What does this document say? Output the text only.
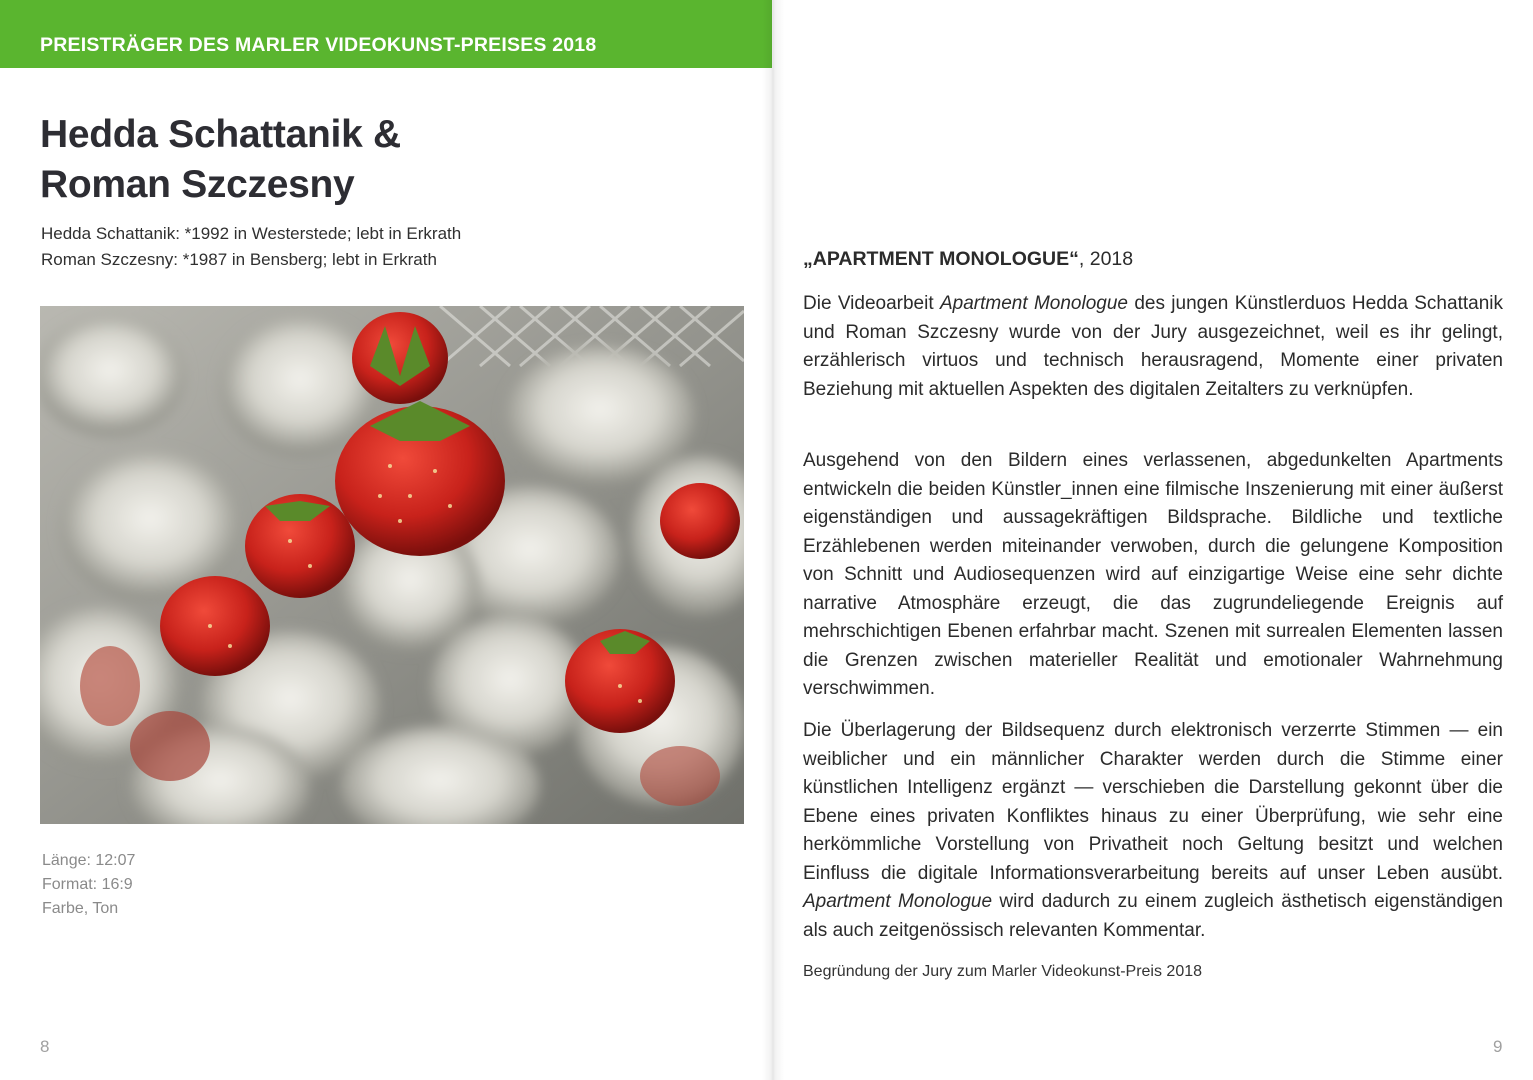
PREISTRÄGER DES MARLER VIDEOKUNST-PREISES 2018
Hedda Schattanik &
Roman Szczesny
Hedda Schattanik: *1992 in Westerstede; lebt in Erkrath
Roman Szczesny: *1987 in Bensberg; lebt in Erkrath
Länge: 12:07
Format: 16:9
Farbe, Ton
8
„APARTMENT MONOLOGUE“, 2018

Die Videoarbeit Apartment Monologue des jungen Künstlerduos Hedda Schattanik und Roman Szczesny wurde von der Jury ausgezeichnet, weil es ihr gelingt, erzählerisch virtuos und technisch herausragend, Momente einer privaten Beziehung mit aktuellen Aspekten des digitalen Zeitalters zu verknüpfen.

Ausgehend von den Bildern eines verlassenen, abgedunkelten Apartments entwickeln die beiden Künstler_innen eine filmische Inszenierung mit einer äußerst eigenständigen und aussagekräftigen Bildsprache. Bildliche und textliche Erzählebenen werden miteinander verwoben, durch die gelungene Komposition von Schnitt und Audiosequenzen wird auf einzigartige Weise eine sehr dichte narrative Atmosphäre erzeugt, die das zugrundeliegende Ereignis auf mehrschichtigen Ebenen erfahrbar macht. Szenen mit surrealen Elementen lassen die Grenzen zwischen materieller Realität und emotionaler Wahrnehmung verschwimmen.

Die Überlagerung der Bildsequenz durch elektronisch verzerrte Stimmen — ein weiblicher und ein männlicher Charakter werden durch die Stimme einer künstlichen Intelligenz ergänzt — verschieben die Darstellung gekonnt über die Ebene eines privaten Konfliktes hinaus zu einer Überprüfung, wie sehr eine herkömmliche Vorstellung von Privatheit noch Geltung besitzt und welchen Einfluss die digitale Informationsverarbeitung bereits auf unser Leben ausübt. Apartment Monologue wird dadurch zu einem zugleich ästhetisch eigenständigen als auch zeitgenössisch relevanten Kommentar.

Begründung der Jury zum Marler Videokunst-Preis 2018
9
